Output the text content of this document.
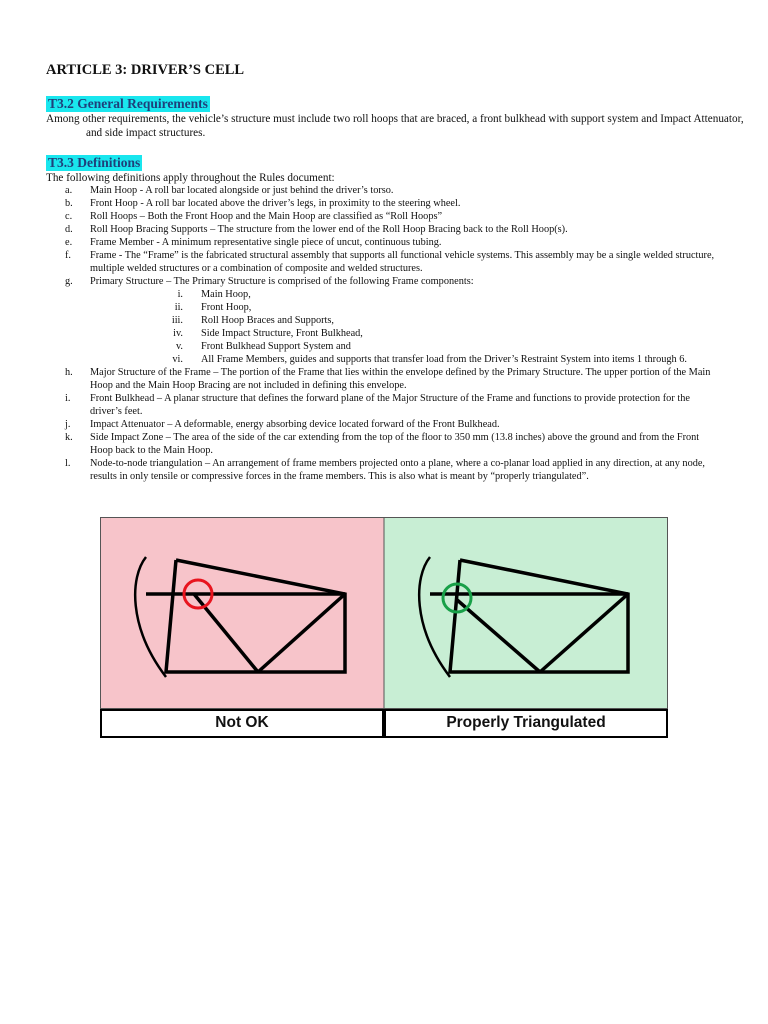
ARTICLE 3: DRIVER’S CELL
T3.2 General Requirements
Among other requirements, the vehicle’s structure must include two roll hoops that are braced, a front bulkhead with support system and Impact Attenuator, and side impact structures.
T3.3 Definitions
The following definitions apply throughout the Rules document:
a. Main Hoop - A roll bar located alongside or just behind the driver’s torso.
b. Front Hoop - A roll bar located above the driver’s legs, in proximity to the steering wheel.
c. Roll Hoops – Both the Front Hoop and the Main Hoop are classified as “Roll Hoops”
d. Roll Hoop Bracing Supports – The structure from the lower end of the Roll Hoop Bracing back to the Roll Hoop(s).
e. Frame Member - A minimum representative single piece of uncut, continuous tubing.
f. Frame - The “Frame” is the fabricated structural assembly that supports all functional vehicle systems. This assembly may be a single welded structure, multiple welded structures or a combination of composite and welded structures.
g. Primary Structure – The Primary Structure is comprised of the following Frame components:
i. Main Hoop,
ii. Front Hoop,
iii. Roll Hoop Braces and Supports,
iv. Side Impact Structure, Front Bulkhead,
v. Front Bulkhead Support System and
vi. All Frame Members, guides and supports that transfer load from the Driver’s Restraint System into items 1 through 6.
h. Major Structure of the Frame – The portion of the Frame that lies within the envelope defined by the Primary Structure. The upper portion of the Main Hoop and the Main Hoop Bracing are not included in defining this envelope.
i. Front Bulkhead – A planar structure that defines the forward plane of the Major Structure of the Frame and functions to provide protection for the driver’s feet.
j. Impact Attenuator – A deformable, energy absorbing device located forward of the Front Bulkhead.
k. Side Impact Zone – The area of the side of the car extending from the top of the floor to 350 mm (13.8 inches) above the ground and from the Front Hoop back to the Main Hoop.
l. Node-to-node triangulation – An arrangement of frame members projected onto a plane, where a co-planar load applied in any direction, at any node, results in only tensile or compressive forces in the frame members. This is also what is meant by “properly triangulated”.
Not OK	Properly Triangulated
